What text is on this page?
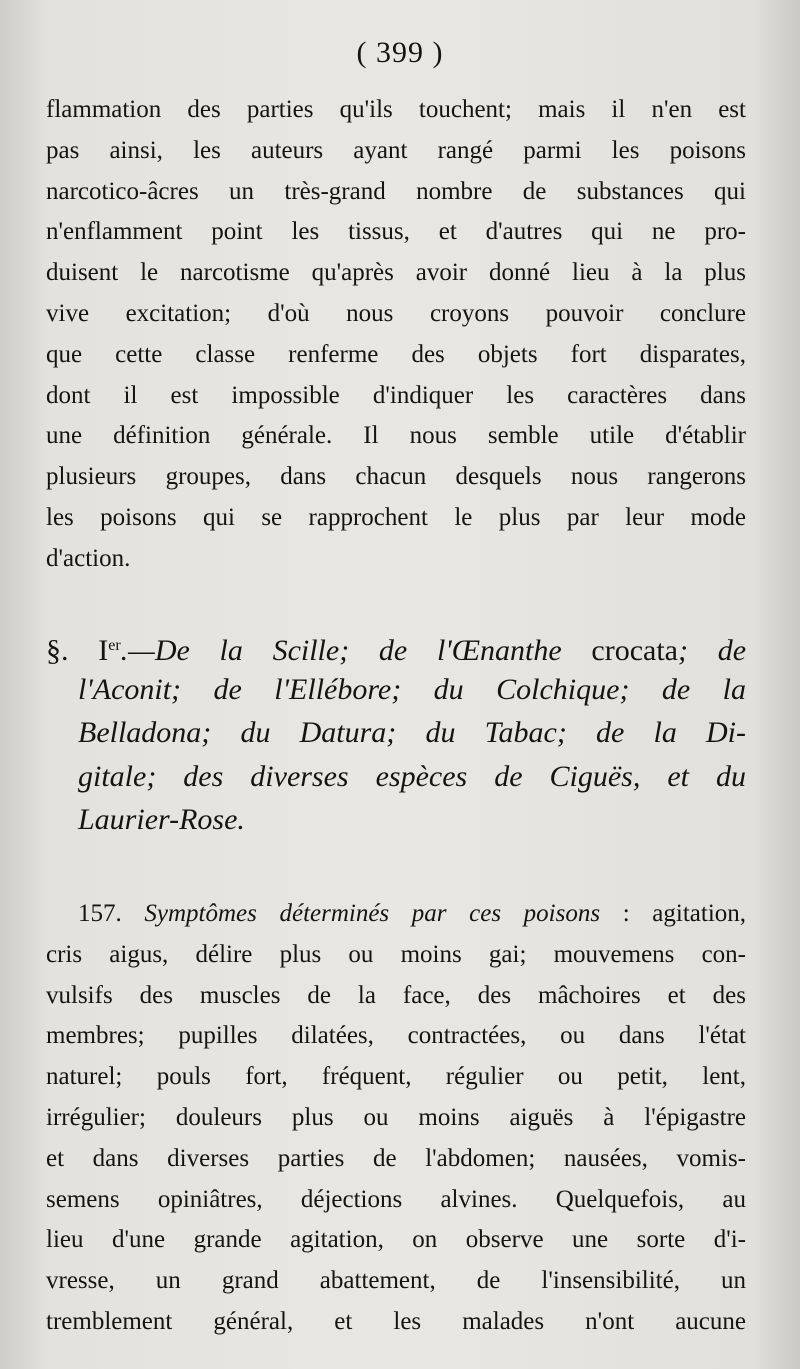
( 399 )
flammation des parties qu'ils touchent; mais il n'en est
pas ainsi, les auteurs ayant rangé parmi les poisons
narcotico-âcres un très-grand nombre de substances qui
n'enflamment point les tissus, et d'autres qui ne pro-
duisent le narcotisme qu'après avoir donné lieu à la plus
vive excitation; d'où nous croyons pouvoir conclure
que cette classe renferme des objets fort disparates,
dont il est impossible d'indiquer les caractères dans
une définition générale. Il nous semble utile d'établir
plusieurs groupes, dans chacun desquels nous rangerons
les poisons qui se rapprochent le plus par leur mode
d'action.
§. Ier.—De la Scille; de l'Œnanthe crocata; de
l'Aconit; de l'Ellébore; du Colchique; de la
Belladona; du Datura; du Tabac; de la Di-
gitale; des diverses espèces de Ciguës, et du
Laurier-Rose.
157. Symptômes déterminés par ces poisons : agitation,
cris aigus, délire plus ou moins gai; mouvemens con-
vulsifs des muscles de la face, des mâchoires et des
membres; pupilles dilatées, contractées, ou dans l'état
naturel; pouls fort, fréquent, régulier ou petit, lent,
irrégulier; douleurs plus ou moins aiguës à l'épigastre
et dans diverses parties de l'abdomen; nausées, vomis-
semens opiniâtres, déjections alvines. Quelquefois, au
lieu d'une grande agitation, on observe une sorte d'i-
vresse, un grand abattement, de l'insensibilité, un
tremblement général, et les malades n'ont aucune
